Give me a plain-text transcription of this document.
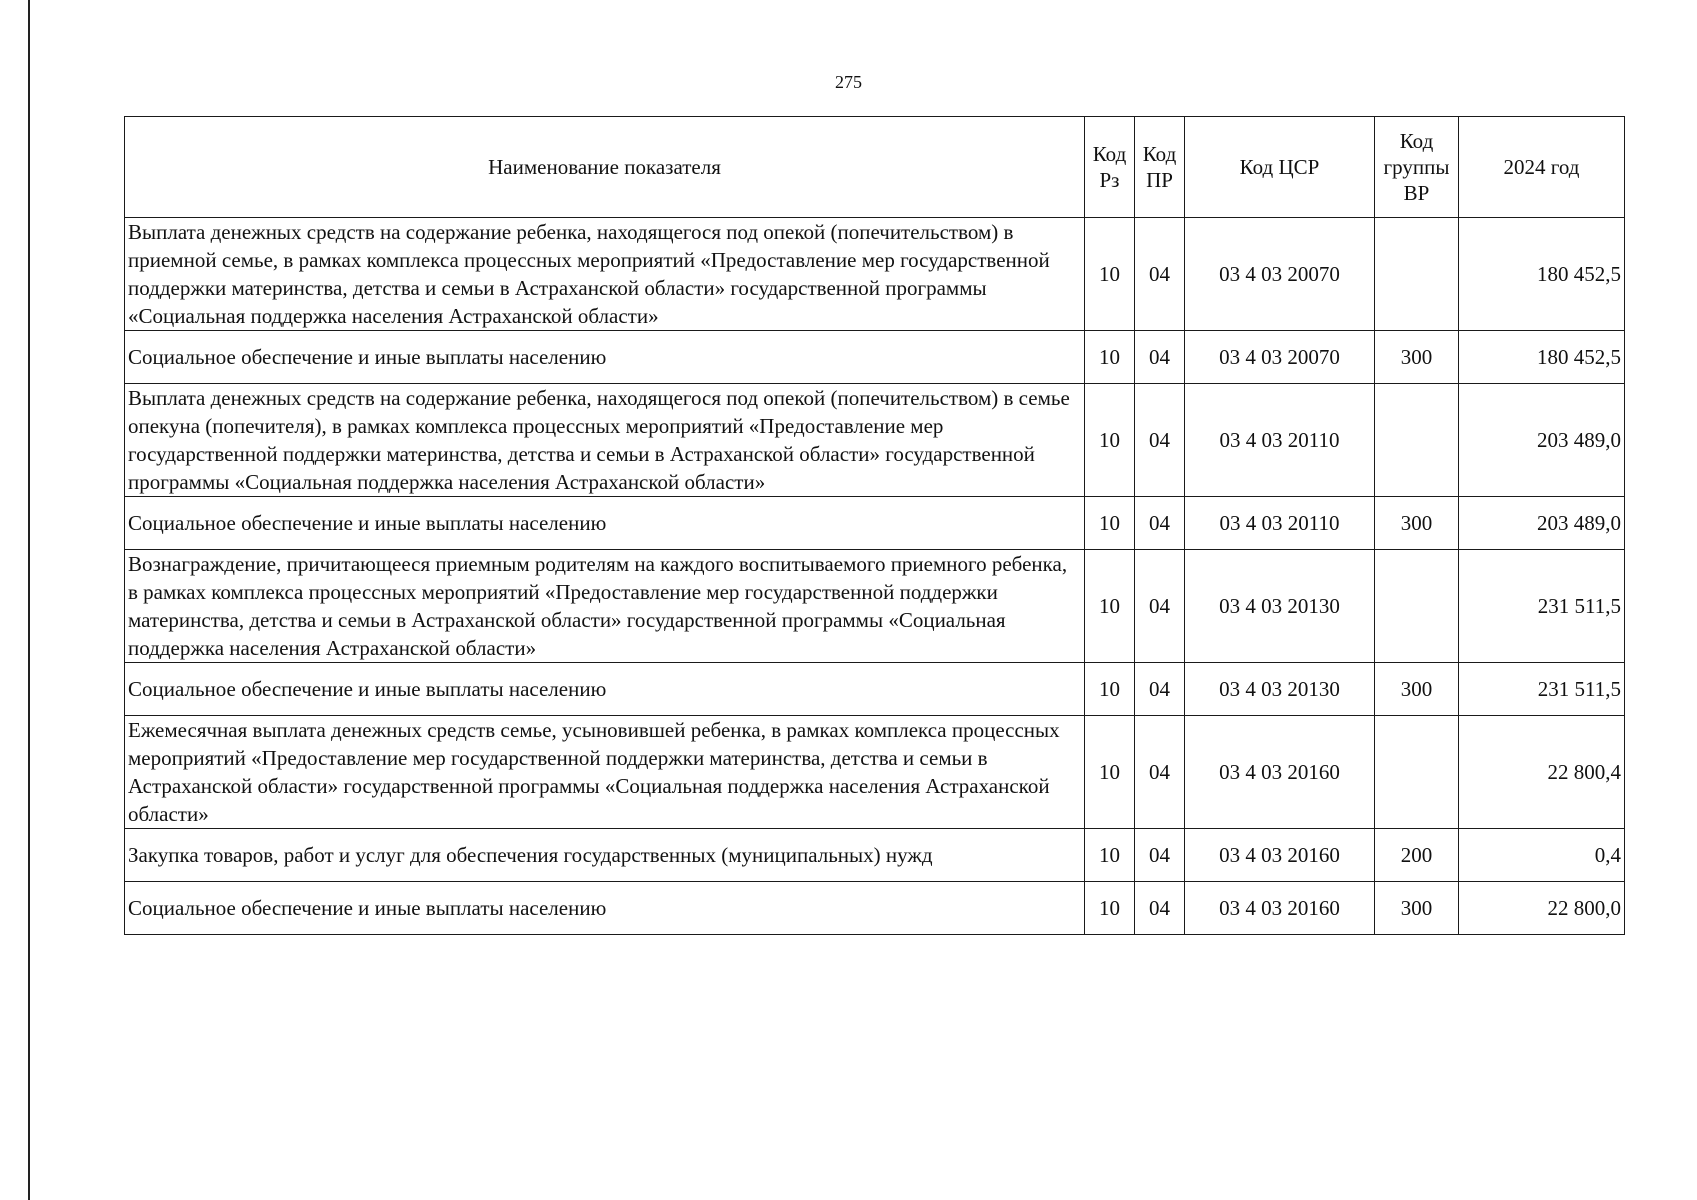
275
Наименование показателя	Код Рз	Код ПР	Код ЦСР	Код группы ВР	2024 год
Выплата денежных средств на содержание ребенка, находящегося под опекой (попечительством) в приемной семье, в рамках комплекса процессных мероприятий «Предоставление мер государственной поддержки материнства, детства и семьи в Астраханской области» государственной программы «Социальная поддержка населения Астраханской области»	10	04	03 4 03 20070		180 452,5
Социальное обеспечение и иные выплаты населению	10	04	03 4 03 20070	300	180 452,5
Выплата денежных средств на содержание ребенка, находящегося под опекой (попечительством) в семье опекуна (попечителя), в рамках комплекса процессных мероприятий «Предоставление мер государственной поддержки материнства, детства и семьи в Астраханской области» государственной программы «Социальная поддержка населения Астраханской области»	10	04	03 4 03 20110		203 489,0
Социальное обеспечение и иные выплаты населению	10	04	03 4 03 20110	300	203 489,0
Вознаграждение, причитающееся приемным родителям на каждого воспитываемого приемного ребенка, в рамках комплекса процессных мероприятий «Предоставление мер государственной поддержки материнства, детства и семьи в Астраханской области» государственной программы «Социальная поддержка населения Астраханской области»	10	04	03 4 03 20130		231 511,5
Социальное обеспечение и иные выплаты населению	10	04	03 4 03 20130	300	231 511,5
Ежемесячная выплата денежных средств семье, усыновившей ребенка, в рамках комплекса процессных мероприятий «Предоставление мер государственной поддержки материнства, детства и семьи в Астраханской области» государственной программы «Социальная поддержка населения Астраханской области»	10	04	03 4 03 20160		22 800,4
Закупка товаров, работ и услуг для обеспечения государственных (муниципальных) нужд	10	04	03 4 03 20160	200	0,4
Социальное обеспечение и иные выплаты населению	10	04	03 4 03 20160	300	22 800,0
